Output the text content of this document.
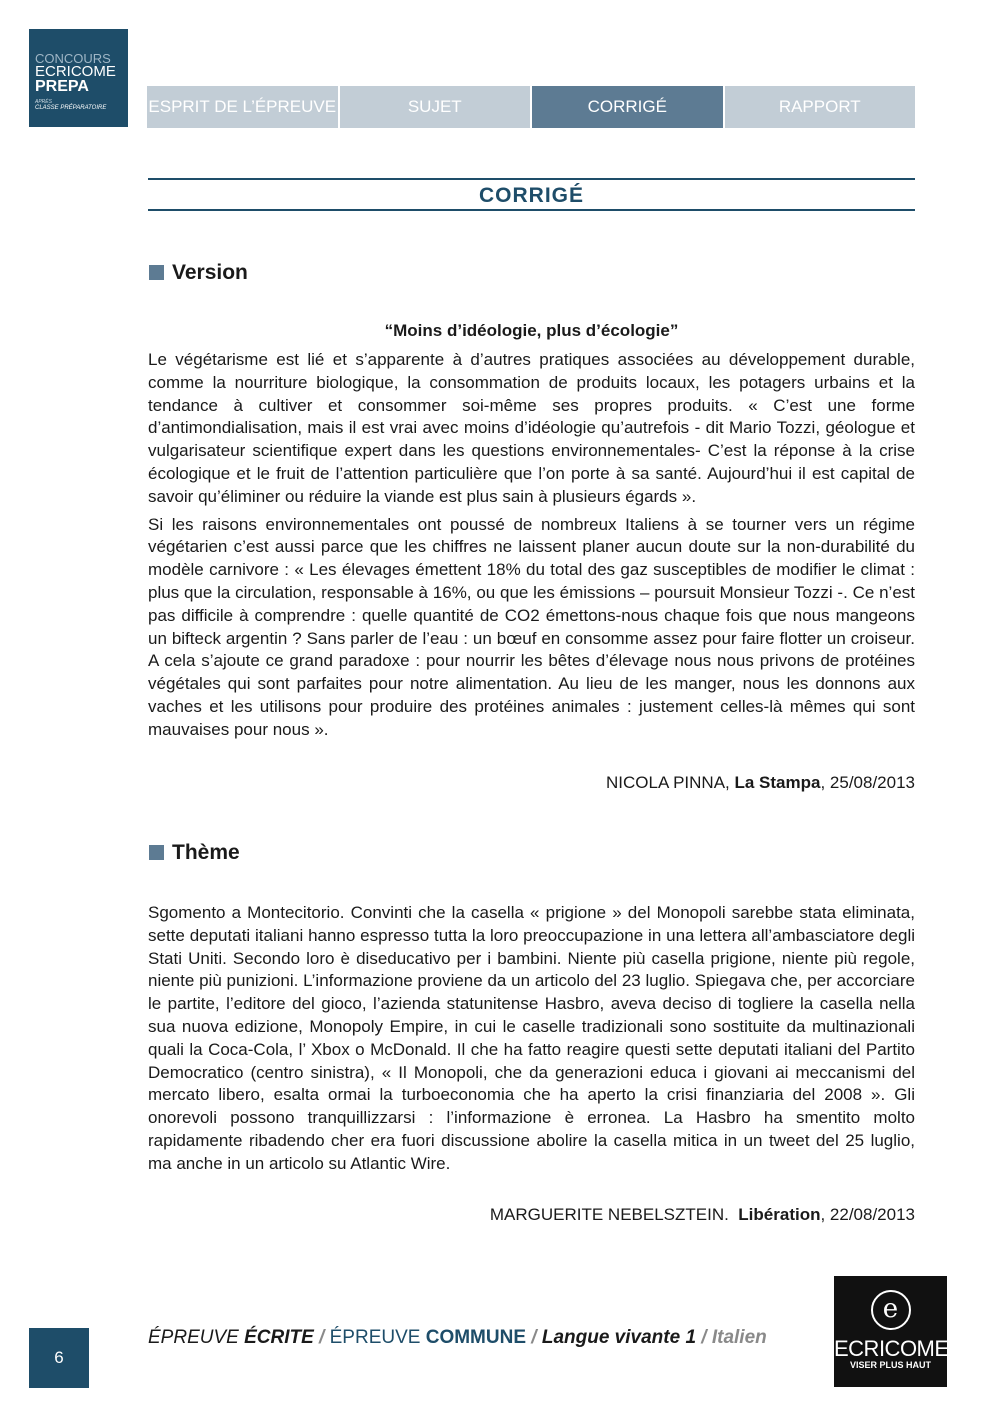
CONCOURS
ECRICOME
PREPA
APRÈS
CLASSE PRÉPARATOIRE	ESPRIT DE L’ÉPREUVE	SUJET	CORRIGÉ	RAPPORT
CORRIGÉ
Version
“Moins d’idéologie, plus d’écologie”

Le végétarisme est lié et s’apparente à d’autres pratiques associées au développement durable, comme la nourriture biologique, la consommation de produits locaux, les potagers urbains et la tendance à cultiver et consommer soi-même ses propres produits. « C’est une forme d’antimondialisation, mais il est vrai avec moins d’idéologie qu’autrefois - dit Mario Tozzi, géologue et vulgarisateur scientifique expert dans les questions environnementales- C’est la réponse à la crise écologique et le fruit de l’attention particulière que l’on porte à sa santé. Aujourd’hui il est capital de savoir qu’éliminer ou réduire la viande est plus sain à plusieurs égards ».

Si les raisons environnementales ont poussé de nombreux Italiens à se tourner vers un régime végétarien c’est aussi parce que les chiffres ne laissent planer aucun doute sur la non-durabilité du modèle carnivore : « Les élevages émettent 18% du total des gaz susceptibles de modifier le climat : plus que la circulation, responsable à 16%, ou que les émissions – poursuit Monsieur Tozzi -. Ce n’est pas difficile à comprendre : quelle quantité de CO2 émettons-nous chaque fois que nous mangeons un bifteck argentin ? Sans parler de l’eau : un bœuf en consomme assez pour faire flotter un croiseur. A cela s’ajoute ce grand paradoxe : pour nourrir les bêtes d’élevage nous nous privons de protéines végétales qui sont parfaites pour notre alimentation. Au lieu de les manger, nous les donnons aux vaches et les utilisons pour produire des protéines animales : justement celles-là mêmes qui sont mauvaises pour nous ».

NICOLA PINNA, La Stampa, 25/08/2013
Thème

Sgomento a Montecitorio. Convinti che la casella « prigione » del Monopoli sarebbe stata eliminata, sette deputati italiani hanno espresso tutta la loro preoccupazione in una lettera all’ambasciatore degli Stati Uniti. Secondo loro è diseducativo per i bambini. Niente più casella prigione, niente più regole, niente più punizioni. L’informazione proviene da un articolo del 23 luglio. Spiegava che, per accorciare le partite, l’editore del gioco, l’azienda statunitense Hasbro, aveva deciso di togliere la casella nella sua nuova edizione, Monopoly Empire, in cui le caselle tradizionali sono sostituite da multinazionali quali la Coca-Cola, l’ Xbox o McDonald. Il che ha fatto reagire questi sette deputati italiani del Partito Democratico (centro sinistra), « Il Monopoli, che da generazioni educa i giovani ai meccanismi del mercato libero, esalta ormai la turboeconomia che ha aperto la crisi finanziaria del 2008 ». Gli onorevoli possono tranquillizzarsi : l’informazione è erronea. La Hasbro ha smentito molto rapidamente ribadendo cher era fuori discussione abolire la casella mitica in un tweet del 25 luglio, ma anche in un articolo su Atlantic Wire.

MARGUERITE NEBELSZTEIN.  Libération, 22/08/2013
6
ÉPREUVE ÉCRITE / ÉPREUVE COMMUNE / Langue vivante 1 / Italien
e
ECRICOME
VISER PLUS HAUT
